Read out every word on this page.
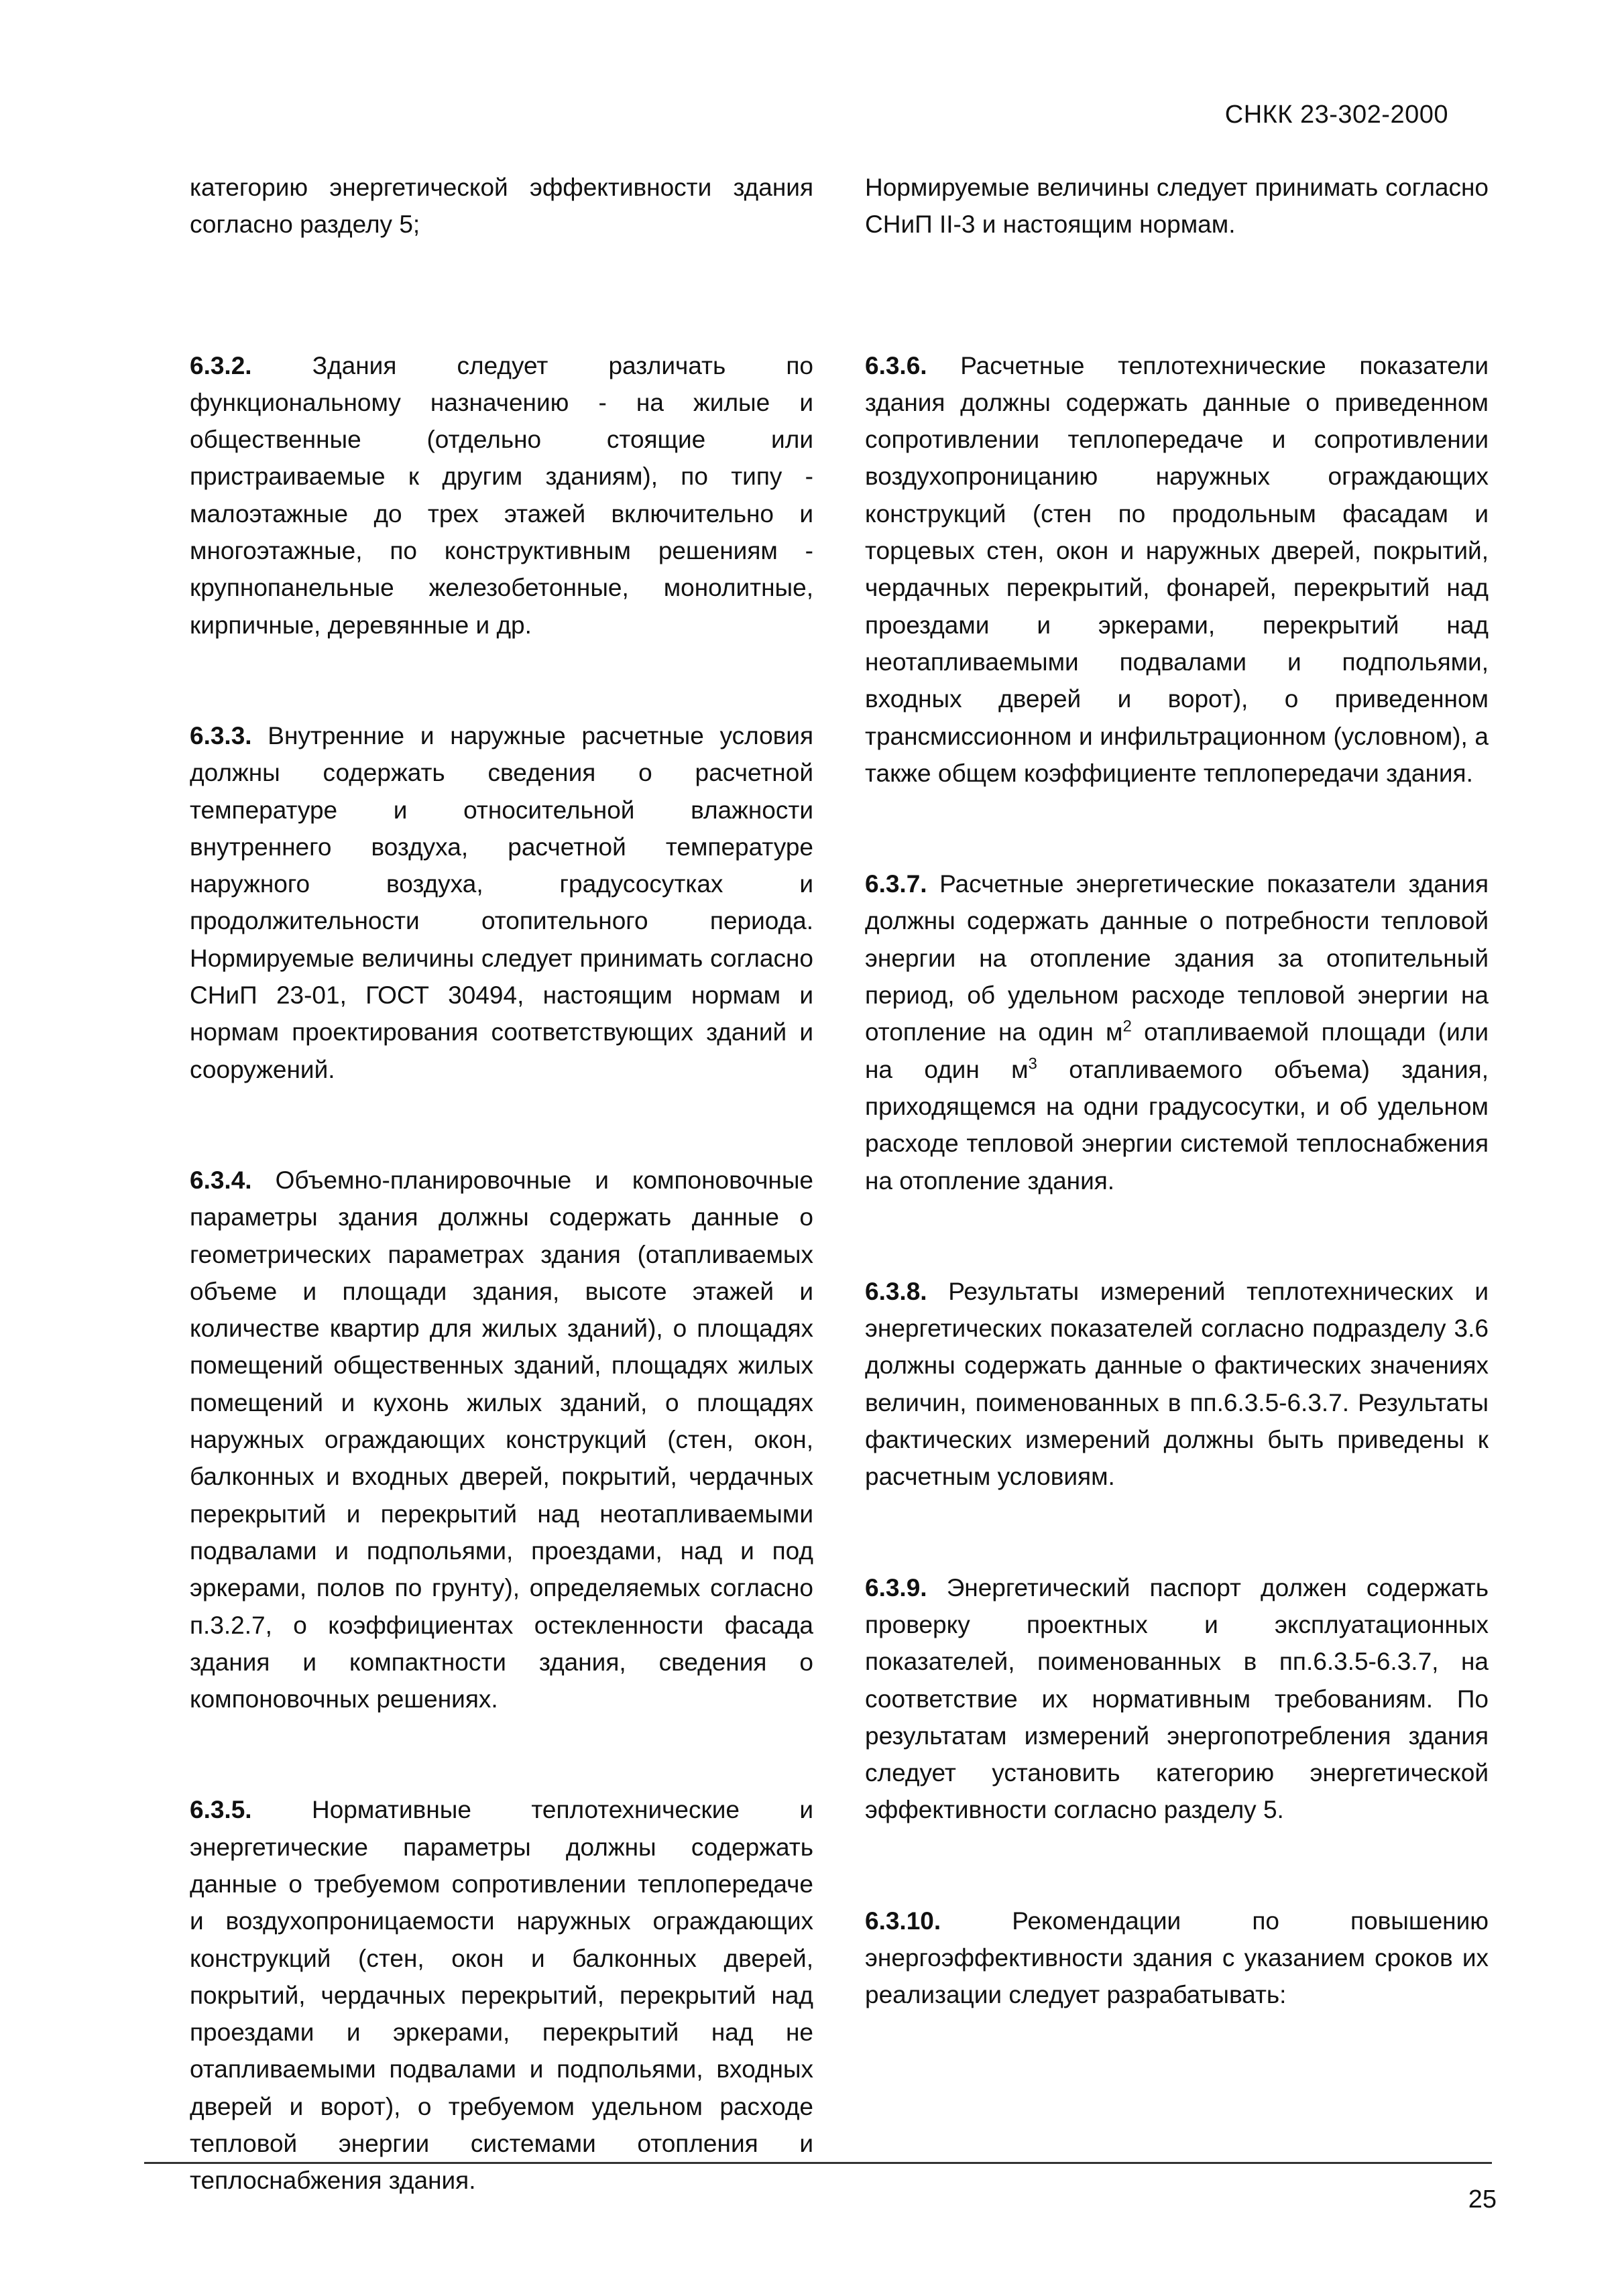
СНКК 23-302-2000

категорию энергетической эффективности здания согласно разделу 5;

6.3.2. Здания следует различать по функциональному назначению - на жилые и общественные (отдельно стоящие или пристраиваемые к другим зданиям), по типу - малоэтажные до трех этажей включительно и многоэтажные, по конструктивным решениям - крупнопанельные железобетонные, монолитные, кирпичные, деревянные и др.

6.3.3. Внутренние и наружные расчетные условия должны содержать сведения о расчетной температуре и относительной влажности внутреннего воздуха, расчетной температуре наружного воздуха, градусосутках и продолжительности отопительного периода. Нормируемые величины следует принимать согласно СНиП 23-01, ГОСТ 30494, настоящим нормам и нормам проектирования соответствующих зданий и сооружений.

6.3.4. Объемно-планировочные и компоновочные параметры здания должны содержать данные о геометрических параметрах здания (отапливаемых объеме и площади здания, высоте этажей и количестве квартир для жилых зданий), о площадях помещений общественных зданий, площадях жилых помещений и кухонь жилых зданий, о площадях наружных ограждающих конструкций (стен, окон, балконных и входных дверей, покрытий, чердачных перекрытий и перекрытий над неотапливаемыми подвалами и подпольями, проездами, над и под эркерами, полов по грунту), определяемых согласно п.3.2.7, о коэффициентах остекленности фасада здания и компактности здания, сведения о компоновочных решениях.

6.3.5. Нормативные теплотехнические и энергетические параметры должны содержать данные о требуемом сопротивлении теплопередаче и воздухопроницаемости наружных ограждающих конструкций (стен, окон и балконных дверей, покрытий, чердачных перекрытий, перекрытий над проездами и эркерами, перекрытий над не отапливаемыми подвалами и подпольями, входных дверей и ворот), о требуемом удельном расходе тепловой энергии системами отопления и теплоснабжения здания.

Нормируемые величины следует принимать согласно СНиП II-3 и настоящим нормам.

6.3.6. Расчетные теплотехнические показатели здания должны содержать данные о приведенном сопротивлении теплопередаче и сопротивлении воздухопроницанию наружных ограждающих конструкций (стен по продольным фасадам и торцевых стен, окон и наружных дверей, покрытий, чердачных перекрытий, фонарей, перекрытий над проездами и эркерами, перекрытий над неотапливаемыми подвалами и подпольями, входных дверей и ворот), о приведенном трансмиссионном и инфильтрационном (условном), а также общем коэффициенте теплопередачи здания.

6.3.7. Расчетные энергетические показатели здания должны содержать данные о потребности тепловой энергии на отопление здания за отопительный период, об удельном расходе тепловой энергии на отопление на один $м^2$ отапливаемой площади (или на один $м^3$ отапливаемого объема) здания, приходящемся на одни градусосутки, и об удельном расходе тепловой энергии системой теплоснабжения на отопление здания.

6.3.8. Результаты измерений теплотехнических и энергетических показателей согласно подразделу 3.6 должны содержать данные о фактических значениях величин, поименованных в пп.6.3.5-6.3.7. Результаты фактических измерений должны быть приведены к расчетным условиям.

6.3.9. Энергетический паспорт должен содержать проверку проектных и эксплуатационных показателей, поименованных в пп.6.3.5-6.3.7, на соответствие их нормативным требованиям. По результатам измерений энергопотребления здания следует установить категорию энергетической эффективности согласно разделу 5.

6.3.10.	Рекомендации по повышению энергоэффективности здания с указанием сроков их реализации следует разрабатывать:

25
